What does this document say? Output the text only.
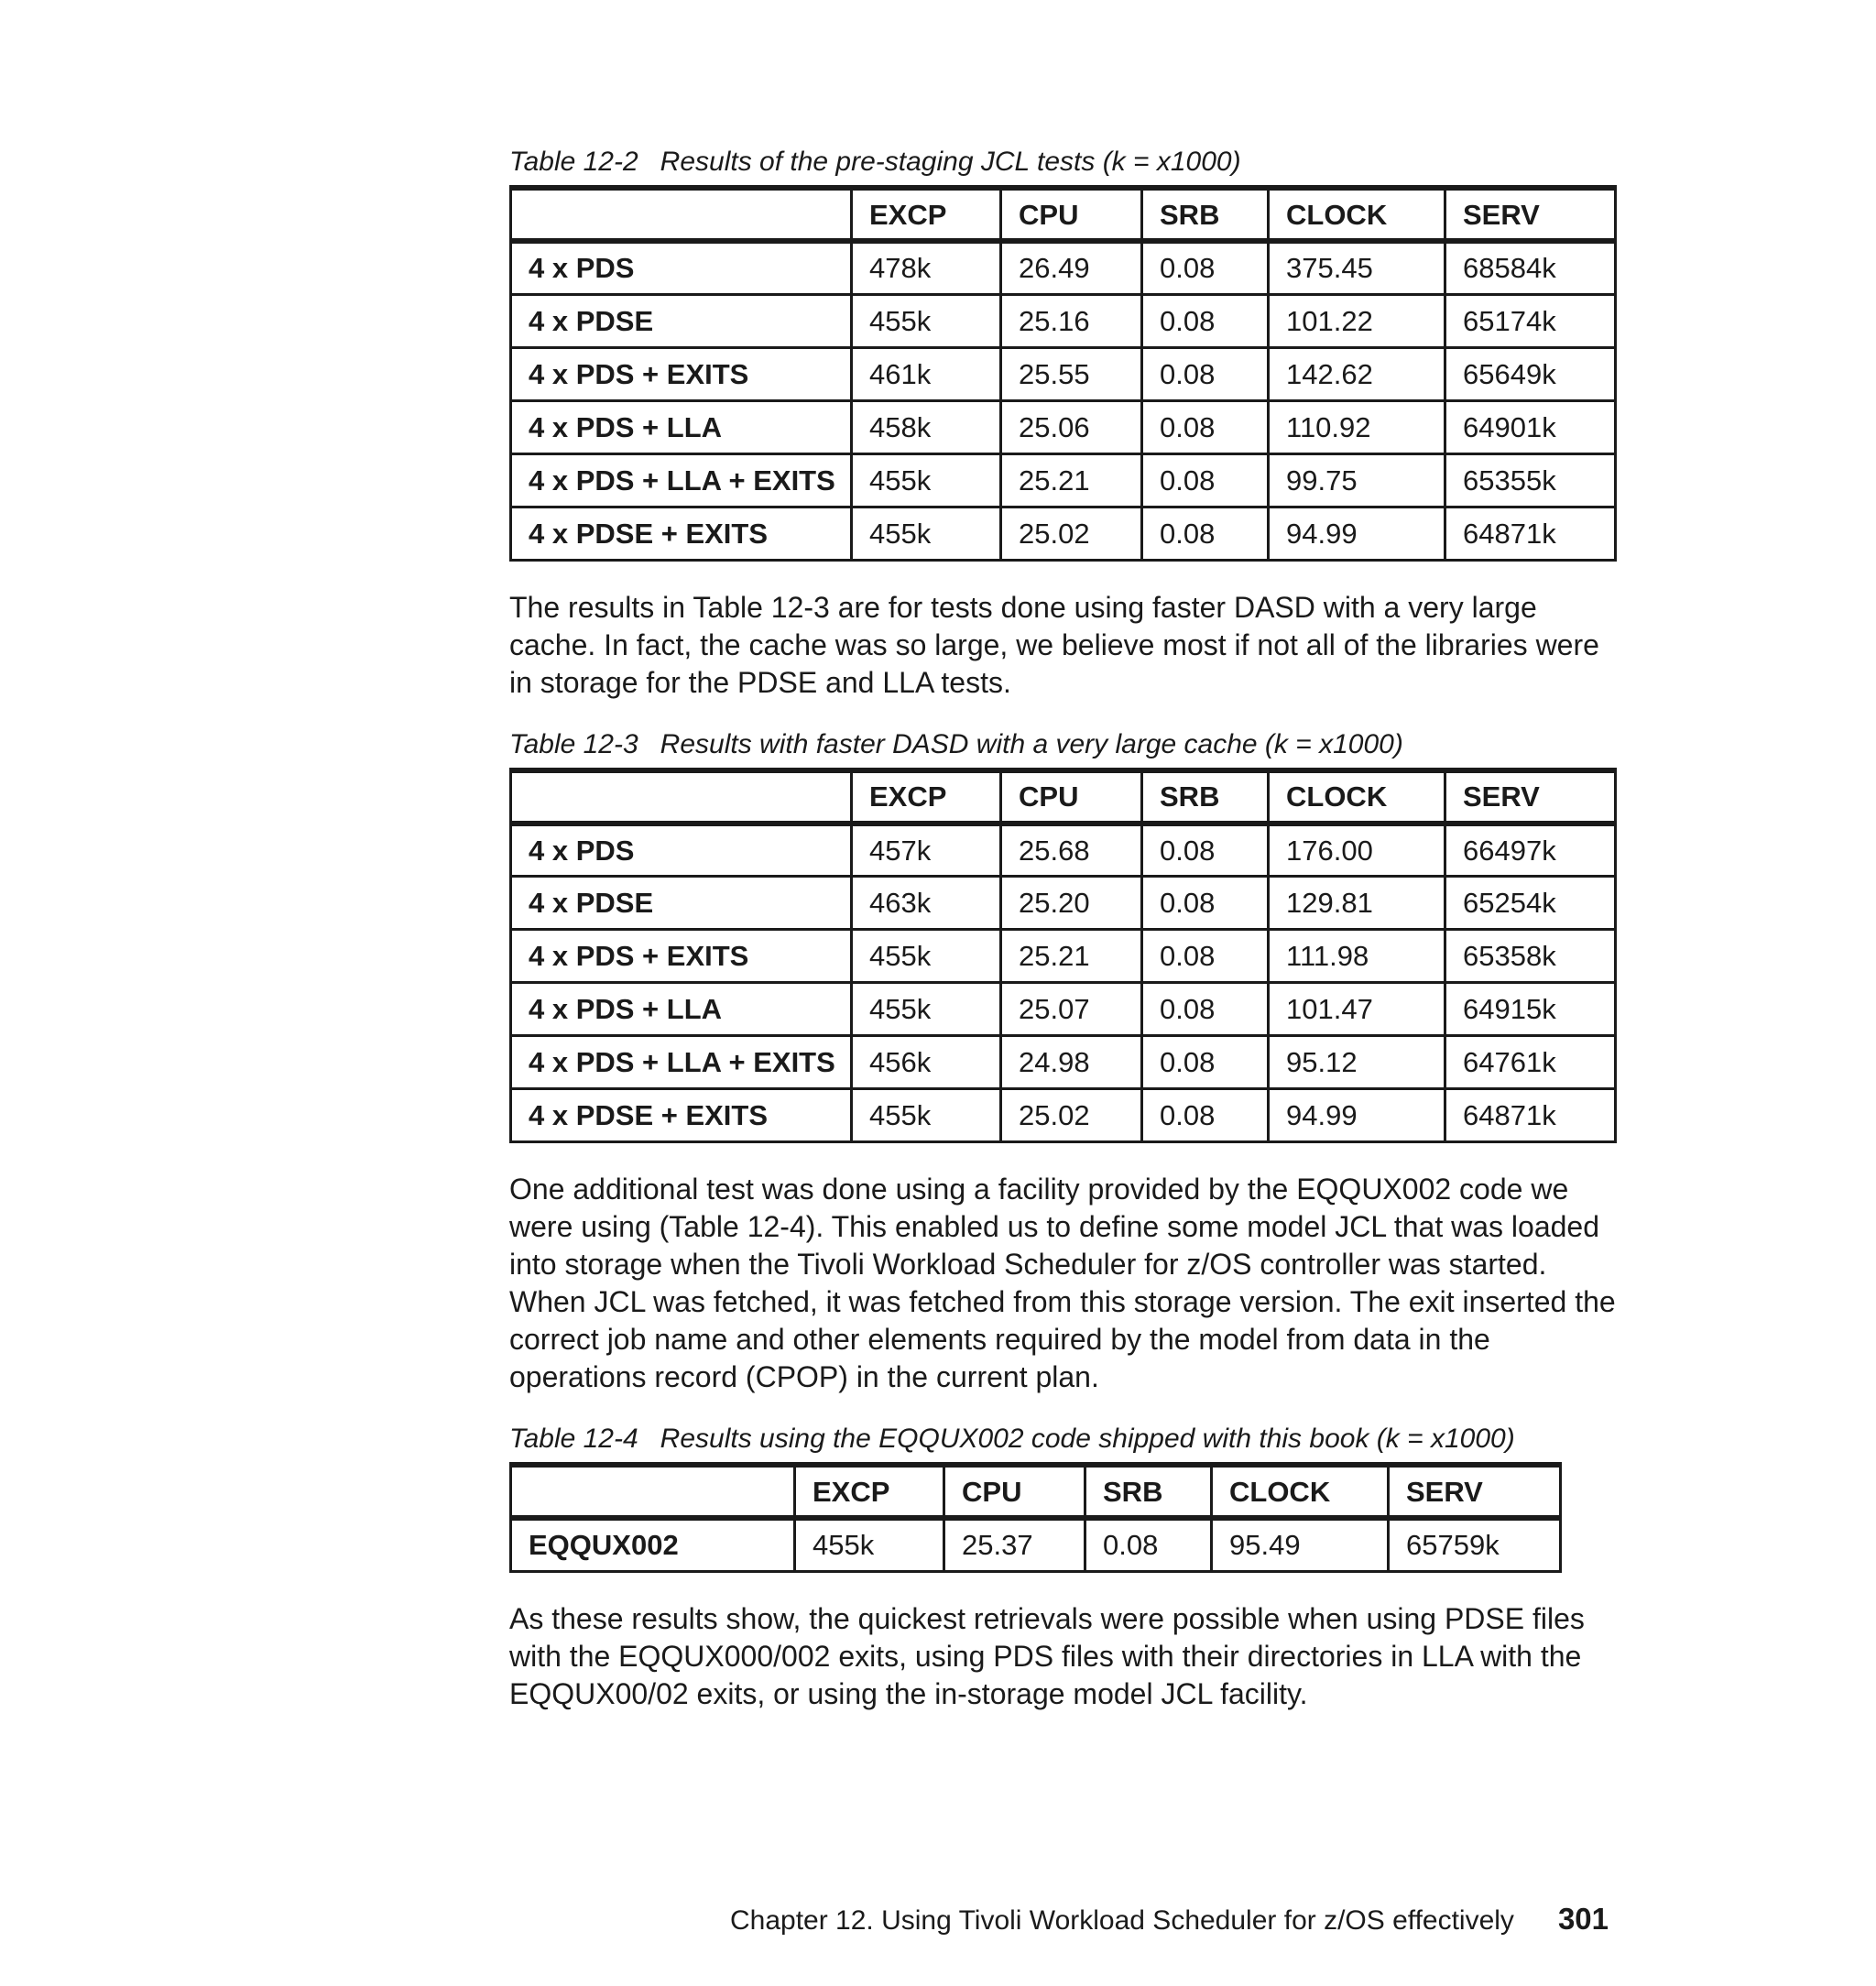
Table 12-2 Results of the pre-staging JCL tests (k = x1000)
	EXCP	CPU	SRB	CLOCK	SERV
4 x PDS	478k	26.49	0.08	375.45	68584k
4 x PDSE	455k	25.16	0.08	101.22	65174k
4 x PDS + EXITS	461k	25.55	0.08	142.62	65649k
4 x PDS + LLA	458k	25.06	0.08	110.92	64901k
4 x PDS + LLA + EXITS	455k	25.21	0.08	99.75	65355k
4 x PDSE + EXITS	455k	25.02	0.08	94.99	64871k

The results in Table 12-3 are for tests done using faster DASD with a very large cache. In fact, the cache was so large, we believe most if not all of the libraries were in storage for the PDSE and LLA tests.

Table 12-3 Results with faster DASD with a very large cache (k = x1000)
	EXCP	CPU	SRB	CLOCK	SERV
4 x PDS	457k	25.68	0.08	176.00	66497k
4 x PDSE	463k	25.20	0.08	129.81	65254k
4 x PDS + EXITS	455k	25.21	0.08	111.98	65358k
4 x PDS + LLA	455k	25.07	0.08	101.47	64915k
4 x PDS + LLA + EXITS	456k	24.98	0.08	95.12	64761k
4 x PDSE + EXITS	455k	25.02	0.08	94.99	64871k

One additional test was done using a facility provided by the EQQUX002 code we were using (Table 12-4). This enabled us to define some model JCL that was loaded into storage when the Tivoli Workload Scheduler for z/OS controller was started. When JCL was fetched, it was fetched from this storage version. The exit inserted the correct job name and other elements required by the model from data in the operations record (CPOP) in the current plan.

Table 12-4 Results using the EQQUX002 code shipped with this book (k = x1000)
	EXCP	CPU	SRB	CLOCK	SERV
EQQUX002	455k	25.37	0.08	95.49	65759k

As these results show, the quickest retrievals were possible when using PDSE files with the EQQUX000/002 exits, using PDS files with their directories in LLA with the EQQUX00/02 exits, or using the in-storage model JCL facility.

Chapter 12. Using Tivoli Workload Scheduler for z/OS effectively 301
